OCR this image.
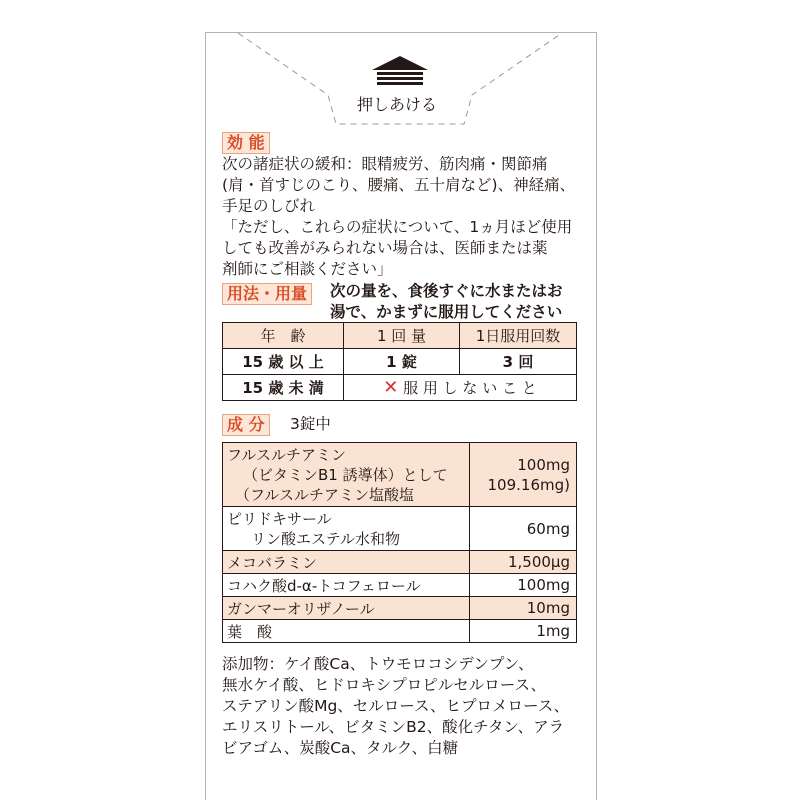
押しあける
効 能
次の諸症状の緩和：眼精疲労、筋肉痛・関節痛
(肩・首すじのこり、腰痛、五十肩など)、神経痛、
手足のしびれ
「ただし、これらの症状について、1ヵ月ほど使用
しても改善がみられない場合は、医師または薬
剤師にご相談ください」
用法・用量	次の量を、食後すぐに水またはお
湯で、かまずに服用してください
年　齢	1 回 量	1日服用回数
15 歳 以 上	1 錠	3 回
15 歳 未 満	✕ 服 用 し な い こ と	
成 分	3錠中
フルスルチアミン
（ビタミンB1 誘導体）として
（フルスルチアミン塩酸塩	100mg
109.16mg)

ピリドキサール
リン酸エステル水和物	60mg
メコバラミン	1,500µg
コハク酸d-α-トコフェロール	100mg
ガンマーオリザノール	10mg
葉　酸	1mg
添加物：ケイ酸Ca、トウモロコシデンプン、
無水ケイ酸、ヒドロキシプロピルセルロース、
ステアリン酸Mg、セルロース、ヒプロメロース、
エリスリトール、ビタミンB2、酸化チタン、アラ
ビアゴム、炭酸Ca、タルク、白糖
